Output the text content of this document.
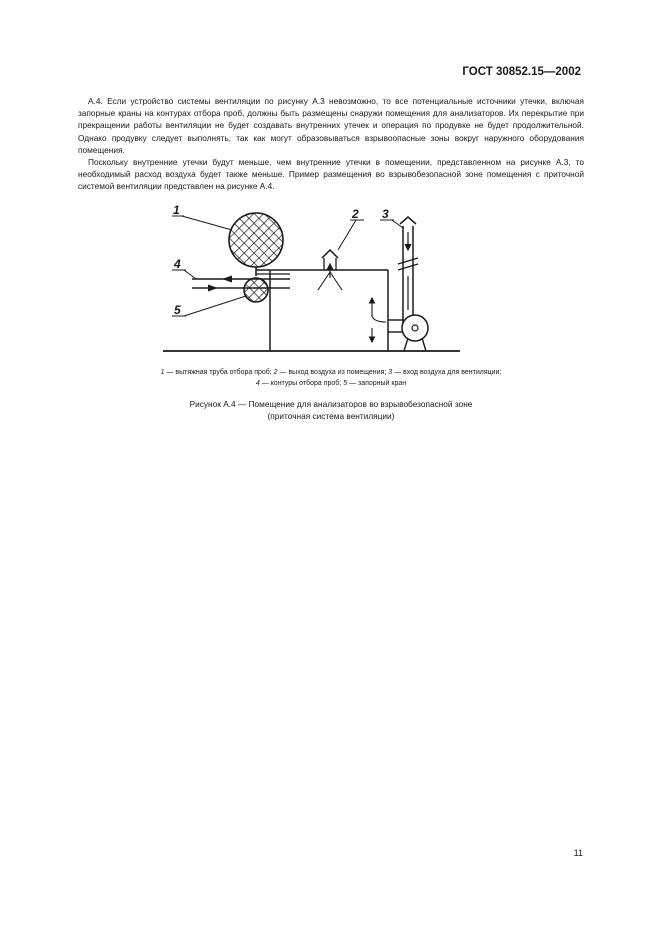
ГОСТ 30852.15—2002

А.4. Если устройство системы вентиляции по рисунку А.3 невозможно, то все потенциальные источники утечки, включая запорные краны на контурах отбора проб, должны быть размещены снаружи помещения для анализаторов. Их перекрытие при прекращении работы вентиляции не будет создавать внутренних утечек и операция по продувке не будет продолжительной. Однако продувку следует выполнять, так как могут образовываться взрывоопасные зоны вокруг наружного оборудования помещения.

Поскольку внутренние утечки будут меньше, чем внутренние утечки в помещении, представленном на рисунке А.3, то необходимый расход воздуха будет также меньше. Пример размещения во взрывобезопасной зоне помещения с приточной системой вентиляции представлен на рисунке А.4.

1	2 3
4
5
1 — вытяжная труба отбора проб; 2 — выход воздуха из помещения; 3 — вход воздуха для вентиляции;
4 — контуры отбора проб; 5 — запорный кран
Рисунок А.4 — Помещение для анализаторов во взрывобезопасной зоне
(приточная система вентиляции)
11
